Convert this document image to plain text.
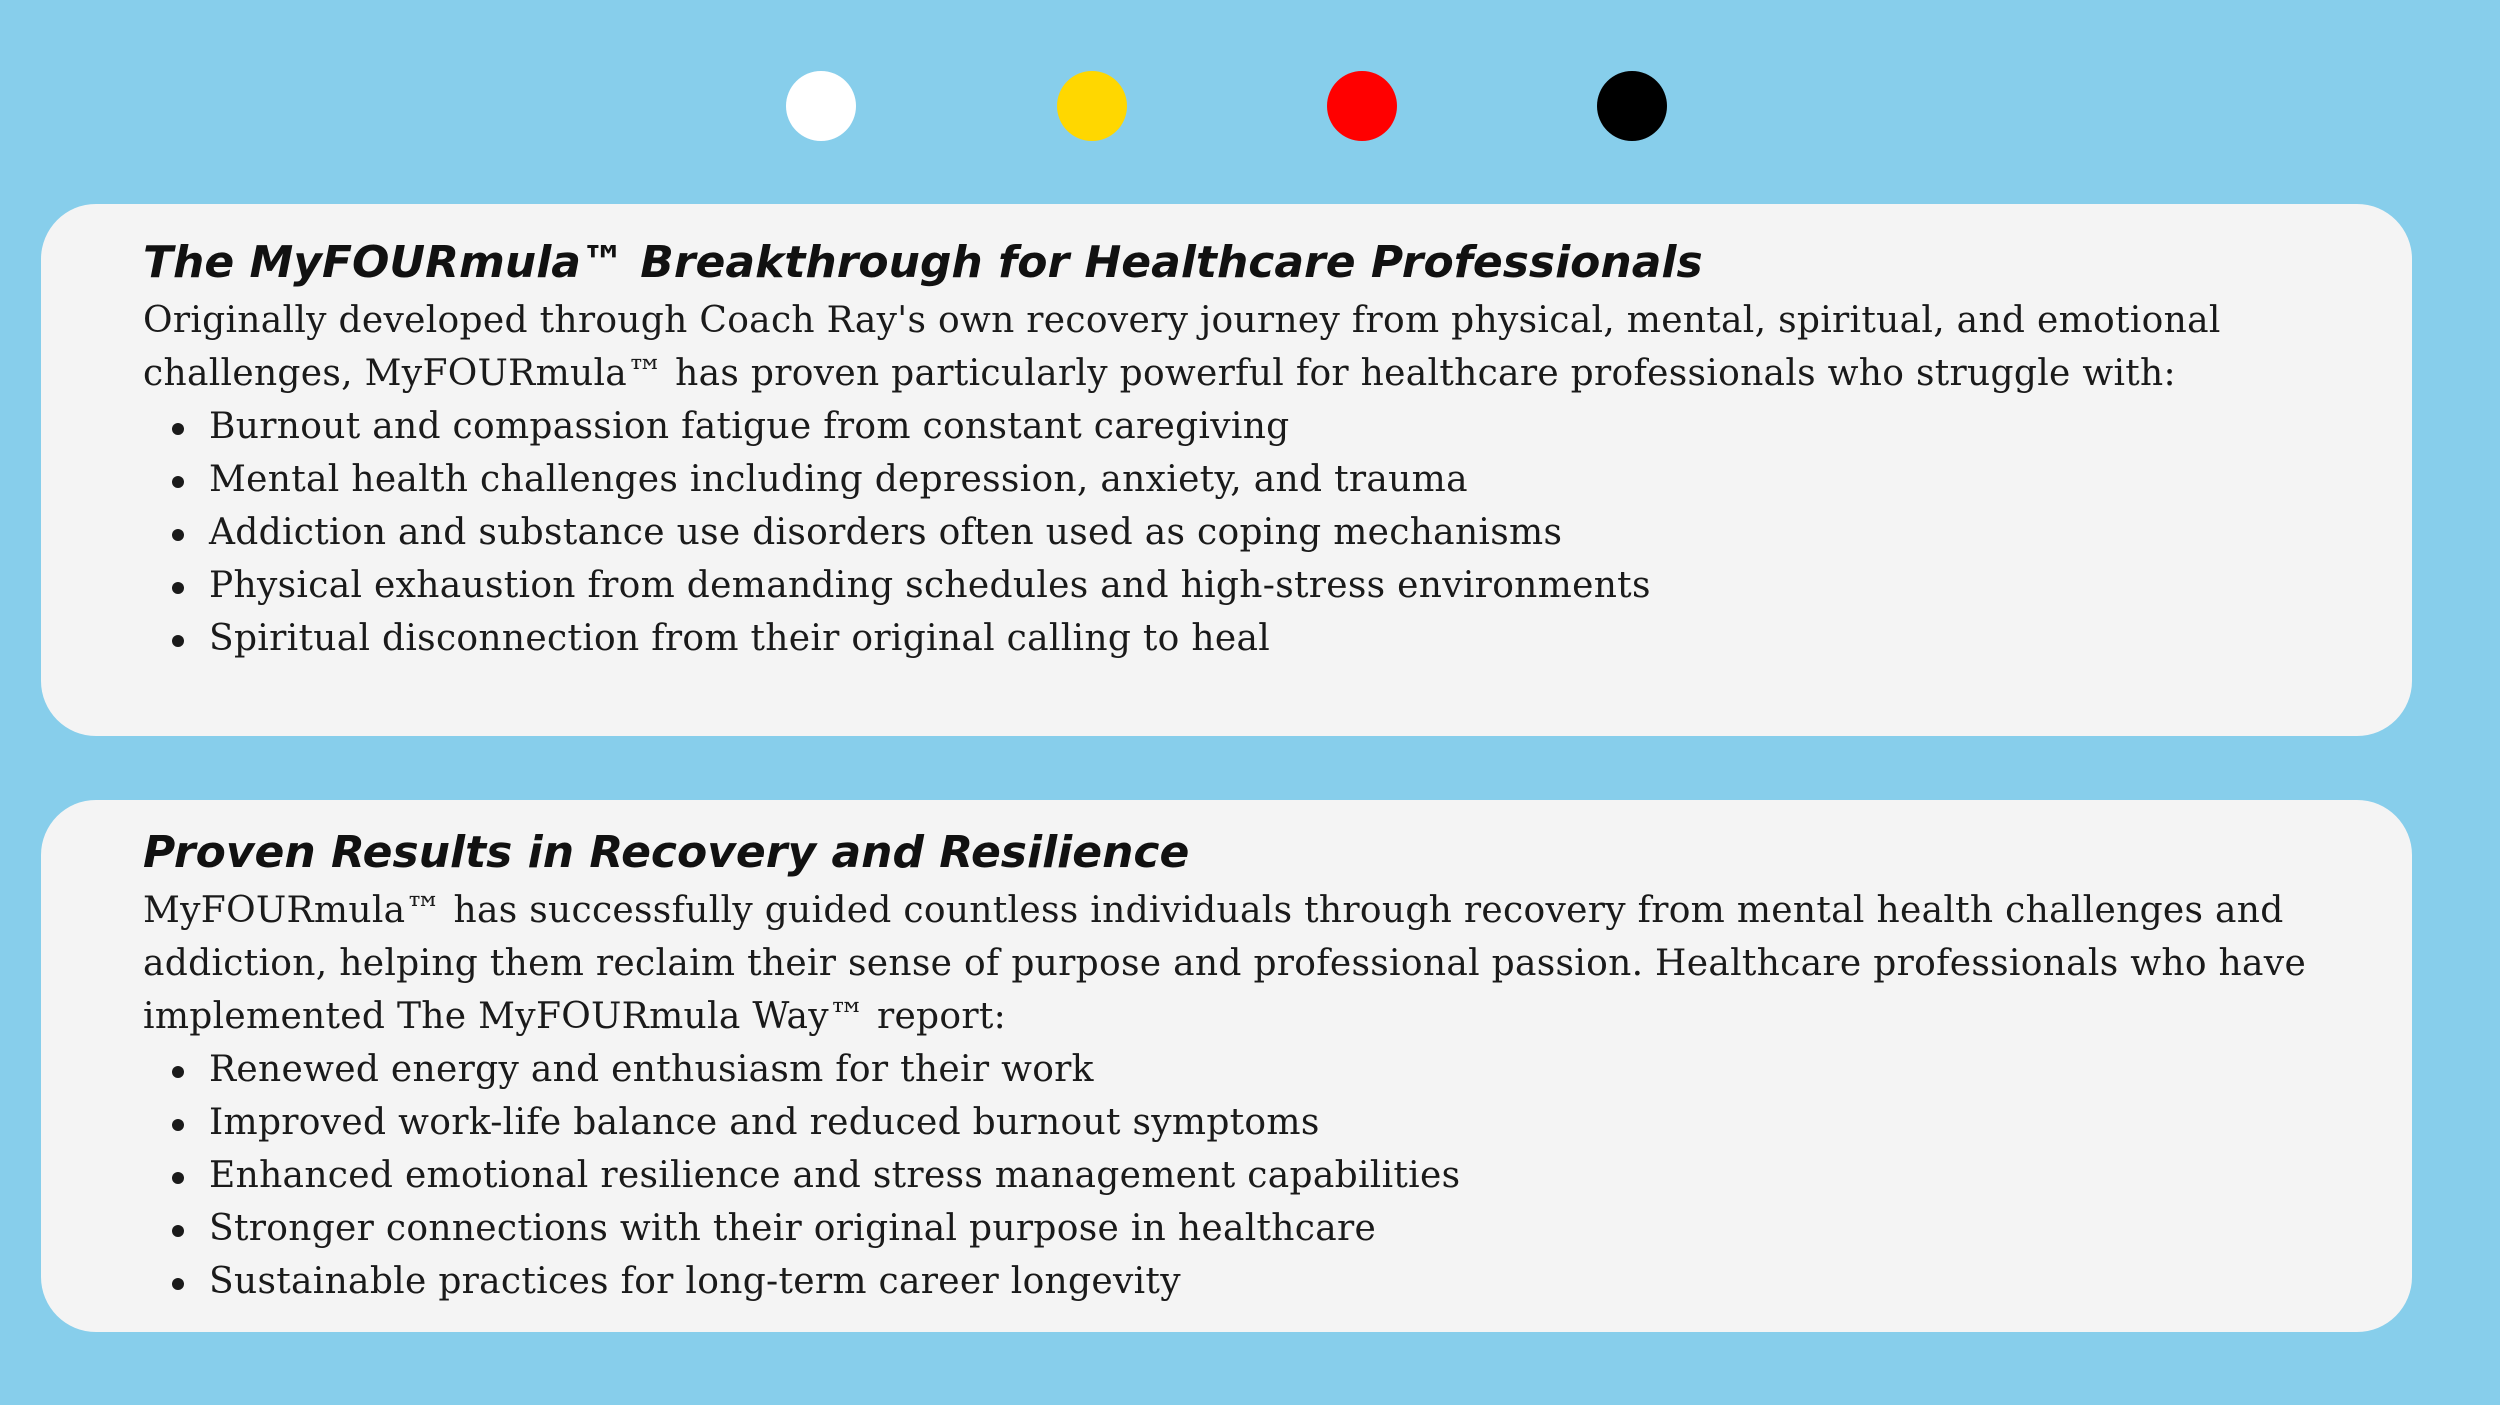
The MyFOURmula™ Breakthrough for Healthcare Professionals

Originally developed through Coach Ray's own recovery journey from physical, mental, spiritual, and emotional challenges, MyFOURmula™ has proven particularly powerful for healthcare professionals who struggle with:

Burnout and compassion fatigue from constant caregiving
Mental health challenges including depression, anxiety, and trauma
Addiction and substance use disorders often used as coping mechanisms
Physical exhaustion from demanding schedules and high-stress environments
Spiritual disconnection from their original calling to heal
Proven Results in Recovery and Resilience

MyFOURmula™ has successfully guided countless individuals through recovery from mental health challenges and addiction, helping them reclaim their sense of purpose and professional passion. Healthcare professionals who have implemented The MyFOURmula Way™ report:

Renewed energy and enthusiasm for their work
Improved work-life balance and reduced burnout symptoms
Enhanced emotional resilience and stress management capabilities
Stronger connections with their original purpose in healthcare
Sustainable practices for long-term career longevity
